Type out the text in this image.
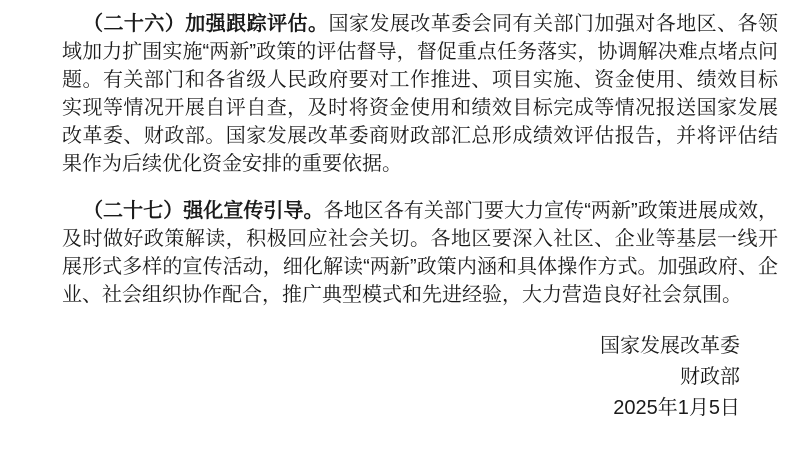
（二十六）加强跟踪评估。国家发展改革委会同有关部门加强对各地区、各领域加力扩围实施“两新”政策的评估督导，督促重点任务落实，协调解决难点堵点问题。有关部门和各省级人民政府要对工作推进、项目实施、资金使用、绩效目标实现等情况开展自评自查，及时将资金使用和绩效目标完成等情况报送国家发展改革委、财政部。国家发展改革委商财政部汇总形成绩效评估报告，并将评估结果作为后续优化资金安排的重要依据。

（二十七）强化宣传引导。各地区各有关部门要大力宣传“两新”政策进展成效，及时做好政策解读，积极回应社会关切。各地区要深入社区、企业等基层一线开展形式多样的宣传活动，细化解读“两新”政策内涵和具体操作方式。加强政府、企业、社会组织协作配合，推广典型模式和先进经验，大力营造良好社会氛围。

国家发展改革委
财政部
2025年1月5日
